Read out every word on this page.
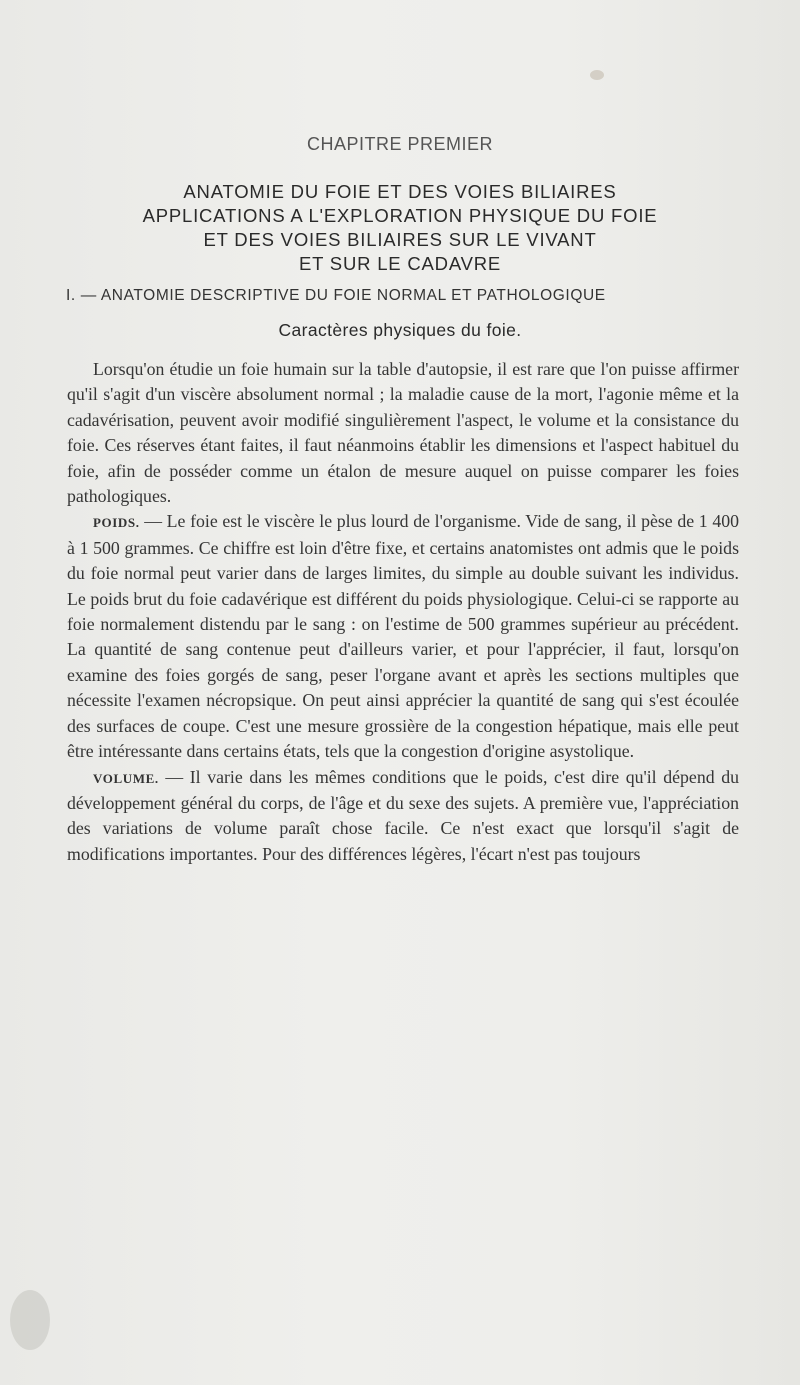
CHAPITRE PREMIER
ANATOMIE DU FOIE ET DES VOIES BILIAIRES
APPLICATIONS A L'EXPLORATION PHYSIQUE DU FOIE
ET DES VOIES BILIAIRES SUR LE VIVANT
ET SUR LE CADAVRE
I. — ANATOMIE DESCRIPTIVE DU FOIE NORMAL ET PATHOLOGIQUE
Caractères physiques du foie.

Lorsqu'on étudie un foie humain sur la table d'autopsie, il est rare que l'on puisse affirmer qu'il s'agit d'un viscère absolument normal ; la maladie cause de la mort, l'agonie même et la cadavérisation, peuvent avoir modifié singulièrement l'aspect, le volume et la consistance du foie. Ces réserves étant faites, il faut néanmoins établir les dimensions et l'aspect habituel du foie, afin de posséder comme un étalon de mesure auquel on puisse comparer les foies pathologiques.

POIDS. — Le foie est le viscère le plus lourd de l'organisme. Vide de sang, il pèse de 1 400 à 1 500 grammes. Ce chiffre est loin d'être fixe, et certains anatomistes ont admis que le poids du foie normal peut varier dans de larges limites, du simple au double suivant les individus. Le poids brut du foie cadavérique est différent du poids physiologique. Celui-ci se rapporte au foie normalement distendu par le sang : on l'estime de 500 grammes supérieur au précédent. La quantité de sang contenue peut d'ailleurs varier, et pour l'apprécier, il faut, lorsqu'on examine des foies gorgés de sang, peser l'organe avant et après les sections multiples que nécessite l'examen nécropsique. On peut ainsi apprécier la quantité de sang qui s'est écoulée des surfaces de coupe. C'est une mesure grossière de la congestion hépatique, mais elle peut être intéressante dans certains états, tels que la congestion d'origine asystolique.

VOLUME. — Il varie dans les mêmes conditions que le poids, c'est dire qu'il dépend du développement général du corps, de l'âge et du sexe des sujets. A première vue, l'appréciation des variations de volume paraît chose facile. Ce n'est exact que lorsqu'il s'agit de modifications importantes. Pour des différences légères, l'écart n'est pas toujours
